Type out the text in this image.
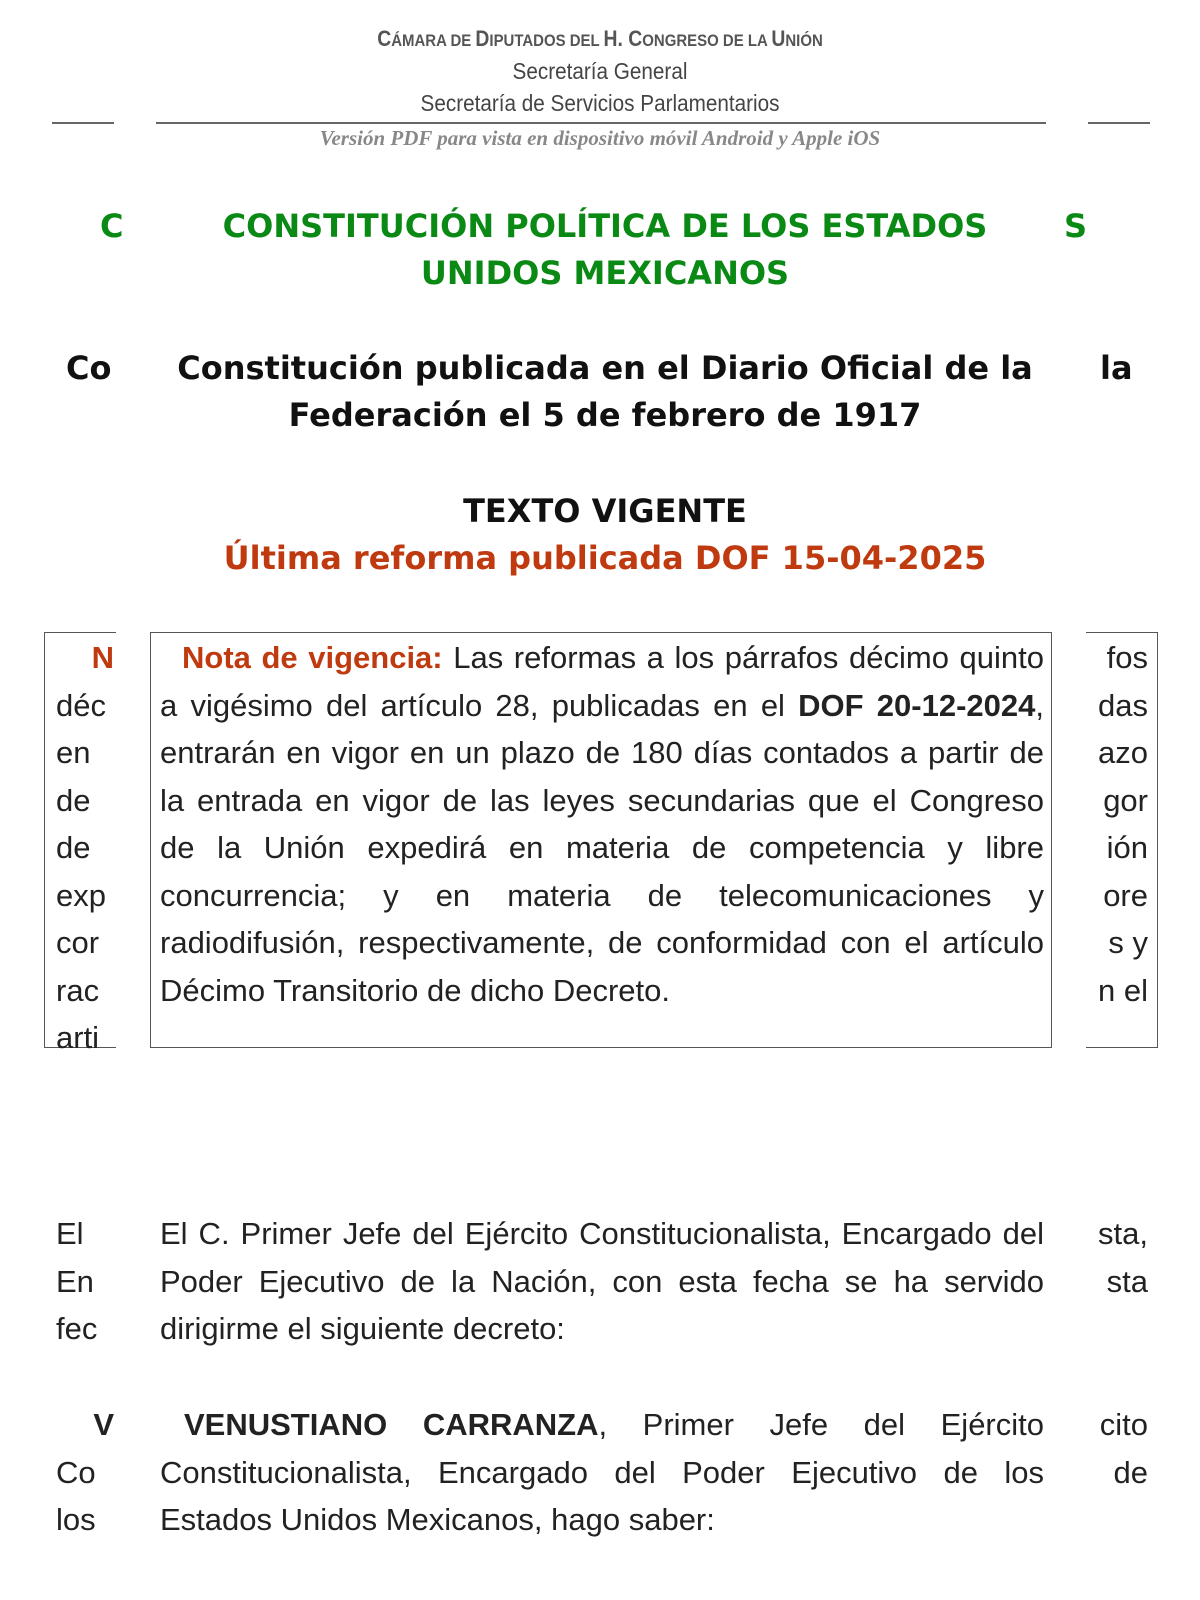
CÁMARA DE DIPUTADOS DEL H. CONGRESO DE LA UNIÓN
Secretaría General
Secretaría de Servicios Parlamentarios
Versión PDF para vista en dispositivo móvil Android y Apple iOS
CONSTITUCIÓN POLÍTICA DE LOS ESTADOS
UNIDOS MEXICANOS
Constitución publicada en el Diario Oficial de la
Federación el 5 de febrero de 1917
TEXTO VIGENTE
Última reforma publicada DOF 15-04-2025
Nota de vigencia: Las reformas a los párrafos décimo quinto a vigésimo del artículo 28, publicadas en el DOF 20-12-2024, entrarán en vigor en un plazo de 180 días contados a partir de la entrada en vigor de las leyes secundarias que el Congreso de la Unión expedirá en materia de competencia y libre concurrencia; y en materia de telecomunicaciones y radiodifusión, respectivamente, de conformidad con el artículo Décimo Transitorio de dicho Decreto.
El C. Primer Jefe del Ejército Constitucionalista, Encargado del Poder Ejecutivo de la Nación, con esta fecha se ha servido dirigirme el siguiente decreto:
VENUSTIANO CARRANZA, Primer Jefe del Ejército Constitucionalista, Encargado del Poder Ejecutivo de los Estados Unidos Mexicanos, hago saber:
C	S
Co	la
N
déc
en
de
de
exp
cor
rac
arti
fos
das
azo
gor
ión
ore
s y
n el
El
En
fec
sta,
sta
V
Co
los
cito
de
